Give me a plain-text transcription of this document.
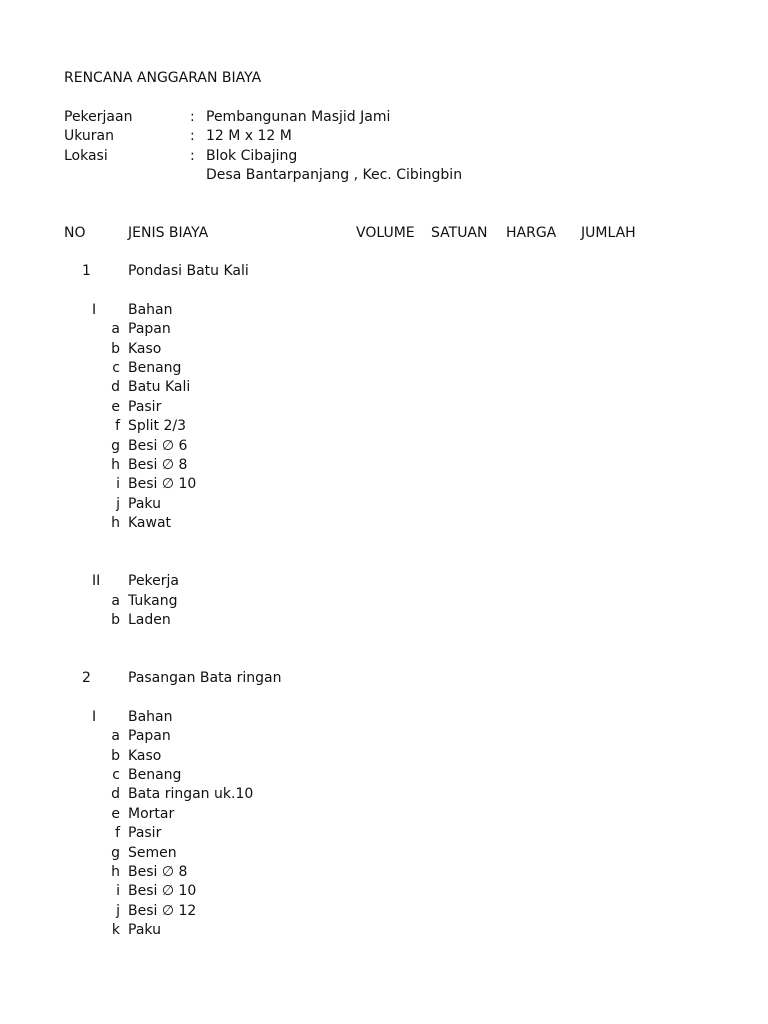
RENCANA ANGGARAN BIAYA
Pekerjaan	: Pembangunan Masjid Jami
Ukuran	: 12 M x 12 M
Lokasi	: Blok Cibajing
Desa Bantarpanjang , Kec. Cibingbin
NO	JENIS BIAYA	VOLUME SATUAN HARGA JUMLAH
1	Pondasi Batu Kali
I Bahan
a Papan
b Kaso
c Benang
d Batu Kali
e Pasir
f Split 2/3
g Besi ∅ 6
h Besi ∅ 8
i Besi ∅ 10
j Paku
h Kawat
II Pekerja
a Tukang
b Laden
2	Pasangan Bata ringan
I Bahan
a Papan
b Kaso
c Benang
d Bata ringan uk.10
e Mortar
f Pasir
g Semen
h Besi ∅ 8
i Besi ∅ 10
j Besi ∅ 12
k Paku
